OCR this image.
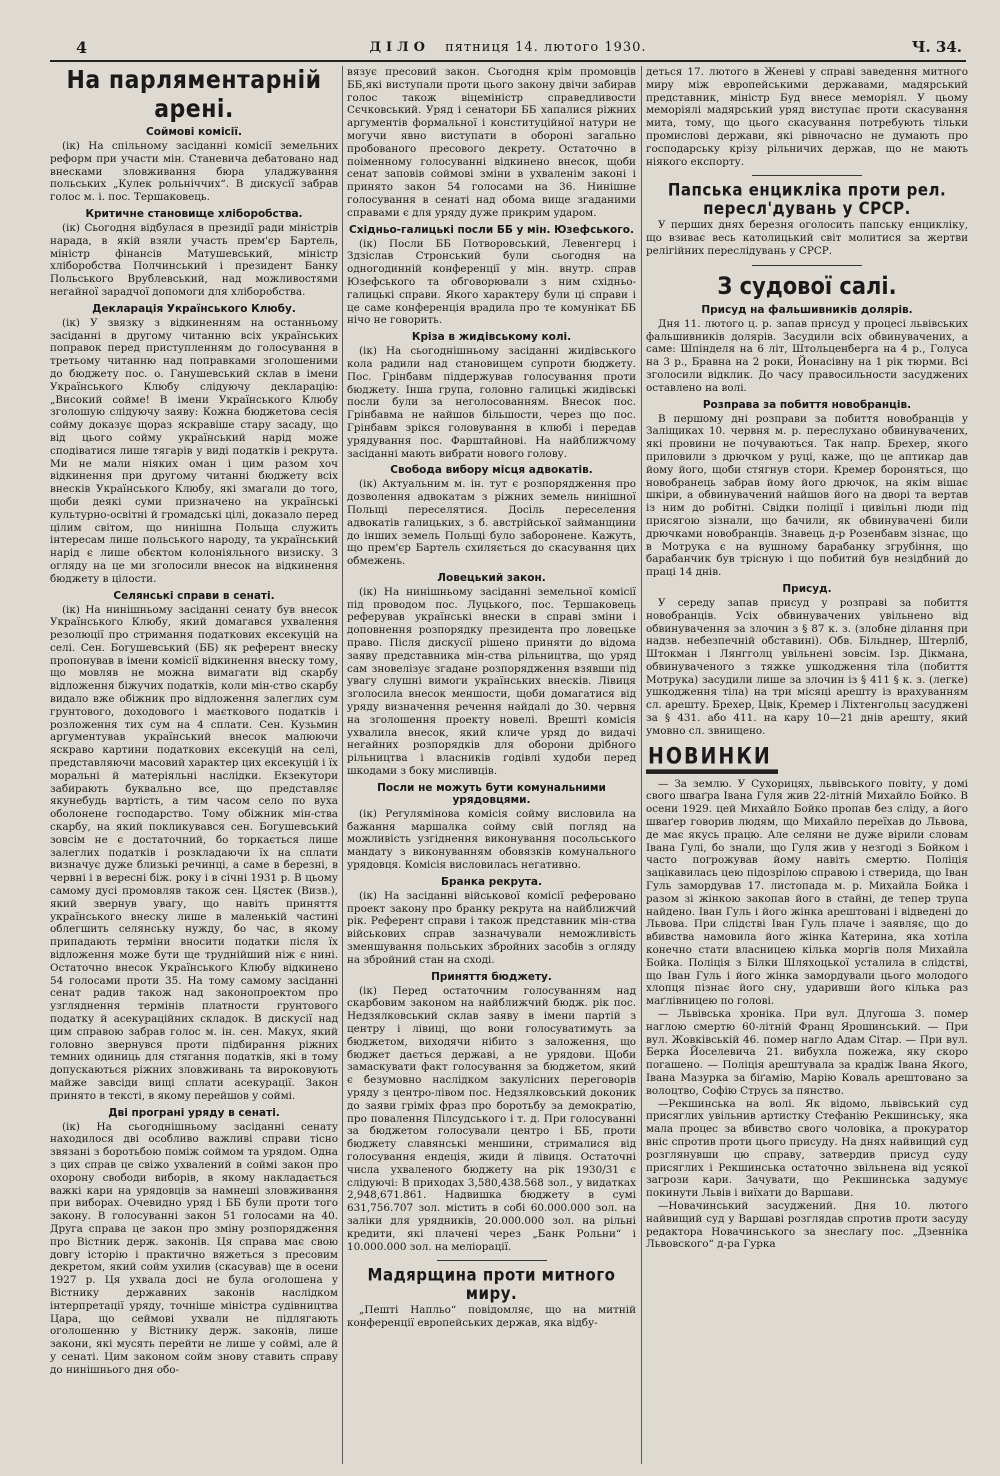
4	ДІЛО пятниця 14. лютого 1930.	Ч. 34.
На парляментарній арені.
Соймові комісії.

(ік) На спільному засіданні комісії земельних реформ при участи мін. Станевича дебатовано над внесками зловживання бюра уладжування польських „Кулек рольніччих“. В дискусії забрав голос м. і. пос. Тершаковець.

Критичне становище хліборобства.

(ік) Сьогодня відбулася в президії ради міністрів нарада, в якій взяли участь прем'єр Бартель, міністр фінансів Матушевський, міністр хліборобства Полчинський і президент Банку Польського Врублевський, над можливостями негайної зарадчої допомоги для хліборобства.

Декларація Українського Клюбу.

(ік) У звязку з відкиненням на останньому засіданні в другому читанню всіх українських поправок перед приступленням до голосування в третьому читанню над поправками зголошеними до бюджету пос. о. Ганушевський склав в імени Українського Клюбу слідуючу декларацію: „Високий сойме! В імени Українського Клюбу зголошую слідуючу заяву: Кожна бюджетова сесія сойму доказує щораз яскравіше стару засаду, що від цього сойму український нарід може сподіватися лише тягарів у виді податків і рекрута. Ми не мали ніяких оман і цим разом хоч відкинення при другому читанні бюджету всіх внесків Українського Клюбу, які змагали до того, щоби деякі суми призначено на українські культурно-освітні й громадські цілі, доказало перед цілим світом, що нинішна Польща служить інтересам лише польського народу, та український нарід є лише обєктом колоніяльного визиску. З огляду на це ми зголосили внесок на відкинення бюджету в цілости.

Селянські справи в сенаті.

(ік) На нинішньому засіданні сенату був внесок Українського Клюбу, який домагався ухвалення резолюції про стримання податкових ексекуцій на селі. Сен. Богушевський (ББ) як референт внеску пропонував в імени комісії відкинення внеску тому, що мовляв не можна вимагати від скарбу відложення біжучих податків, коли мін-ство скарбу видало вже обіжник про відложення залеглих сум грунтового, доходового і маєткового податків і розложення тих сум на 4 сплати. Сен. Кузьмин аргументував український внесок малюючи яскраво картини податкових ексекуцій на селі, представляючи масовий характер цих ексекуцій і їх моральні й матеріяльні наслідки. Екзекутори забирають буквально все, що представляє якунебудь вартість, а тим часом село по вуха оболонене господарство. Тому обіжник мін-ства скарбу, на який покликувався сен. Богушевський зовсім не є достаточний, бо торкається лише залеглих податків і розкладаючи їх на сплати визначує дуже близькі речинці, а саме в березні, в червні і в вересні біж. року і в січні 1931 р. В цьому самому дусі промовляв також сен. Цястек (Визв.), який звернув увагу, що навіть приняття українського внеску лише в маленькій частині облегшить селянську нужду, бо час, в якому припадають терміни вносити податки після їх відложення може бути ще труднійший ніж є нині. Остаточно внесок Українського Клюбу відкинено 54 голосами проти 35. На тому самому засіданні сенат радив також над законопроектом про узгляднення термінів платности грунтового податку й асекураційних складок. В дискусії над цим справою забрав голос м. ін. сен. Макух, який головно звернувся проти підбирання ріжних темних одиниць для стягання податків, які в тому допускаються ріжних зловживань та вироковують майже завсіди вищі сплати асекурації. Закон принято в тексті, в якому перейшов у соймі.

Дві програні уряду в сенаті.

(ік) На сьогоднішньому засіданні сенату находилося дві особливо важливі справи тісно звязані з боротьбою поміж соймом та урядом. Одна з цих справ це свіжо ухвалений в соймі закон про охорону свободи виборів, в якому накладається важкі кари на урядовців за намнеші зловживання при виборах. Очевидно уряд і ББ були проти того закону. В голосуванні закон 51 голосами на 40. Друга справа це закон про зміну розпорядження про Вістник держ. законів. Ця справа має свою довгу історію і практично вяжеться з пресовим декретом, який сойм ухилив (скасував) ще в осени 1927 р. Ця ухвала досі не була оголошена у Вістнику державних законів наслідком інтерпретації уряду, точніше міністра судівництва Цара, що сеймові ухвали не підлягають оголошенню у Вістнику держ. законів, лише закони, які мусять перейти не лише у соймі, але й у сенаті. Цим законом сойм знову ставить справу до нинішнього дня обо-

вязує пресовий закон. Сьогодня крім промовців ББ,які виступали проти цього закону двічи забирав голос також віцеміністр справедливости Сєчковський. Уряд і сенатори ББ хапалися ріжних аргументів формальної і конституційної натури не могучи явно виступати в обороні загально пробованого пресового декрету. Остаточно в поіменному голосуванні відкинено внесок, щоби сенат заповів соймові зміни в ухваленім законі і принято закон 54 голосами на 36. Нинішне голосування в сенаті над обома вище згаданими справами є для уряду дуже прикрим ударом.

Східньо-галицькі посли ББ у мін. Юзефського.

(ік) Посли ББ Потворовський, Левенгерц і Здзіслав Стронський були сьогодня на одногодинній конференції у мін. внутр. справ Юзефського та обговорювали з ним східньо-галицькі справи. Якого характеру були ці справи і це саме конференція врадила про те комунікат ББ нічо не говорить.

Кріза в жидівському колі.

(ік) На сьогоднішньому засіданні жидівського кола радили над становищем супроти бюджету. Пос. Грінбавм піддержував голосування проти бюджету. Інша група, головно галицькі жидівські посли були за неголосованням. Внесок пос. Грінбавма не найшов більшости, через що пос. Грінбавм зрікся головування в клюбі і передав урядування пос. Фарштайнові. На найближчому засіданні мають вибрати нового голову.

Свобода вибору місця адвокатів.

(ік) Актуальним м. ін. тут є розпорядження про дозволення адвокатам з ріжних земель нинішної Польщі переселятися. Досіль переселення адвокатів галицьких, з б. австрійської займанщини до інших земель Польщі було заборонене. Кажуть, що прем'єр Бартель схиляється до скасування цих обмежень.

Ловецький закон.

(ік) На нинішньому засіданні земельної комісії під проводом пос. Луцького, пос. Тершаковець реферував українські внески в справі зміни і доповнення розпорядку президента про ловецьке право. Після дискусії рішено приняти до відома заяву представника мін-ства рільництва, що уряд сам зновелізує згадане розпорядження взявши під увагу слушні вимоги українських внесків. Лівиця зголосила внесок меншости, щоби домагатися від уряду визначення речення найдалі до 30. червня на зголошення проекту новелі. Врешті комісія ухвалила внесок, який кличе уряд до видачі негайних розпорядків для оборони дрібного рільництва і власників годівлі худоби перед шкодами з боку мисливців.

Посли не можуть бути комунальними урядовцями.

(ік) Регуляміновa комісія сойму висловила на бажання маршалка сойму свій погляд на можливість узгіднення виконування посольського мандату з виконуванням обовязків комунального урядовця. Комісія висловилась негативно.

Бранка рекрута.

(ік) На засіданні військової комісії реферовано проект закону про бранку рекрута на найближчий рік. Референт справи і також представник мін-ства військових справ зазначували неможливість зменшування польських збройних засобів з огляду на збройний стан на сході.

Приняття бюджету.

(ік) Перед остаточним голосуванням над скарбовим законом на найближчий бюдж. рік пос. Недзялковський склав заяву в імени партій з центру і лівиці, що вони голосуватимуть за бюджетом, виходячи нібито з заложення, що бюджет дається державі, а не урядови. Щоби замаскувати факт голосування за бюджетом, який є безумовно наслідком закулісних переговорів уряду з центро-лівом пос. Недзялковський доконик до заяви гріміх фраз про боротьбу за демократію, про повалення Пілсудського і т. д. При голосуванні за бюджетом голосували центро і ББ, проти бюджету славянські меншини, стрималися від голосування ендеція, жиди й лівиця. Остаточні числа ухваленого бюджету на рік 1930/31 є слідуючі: В приходах 3,580,438.568 зол., у видатках 2,948,671.861. Надвишка бюджету в сумі 631,756.707 зол. містить в собі 60.000.000 зол. на заліки для урядників, 20.000.000 зол. на рільні кредити, які плачені через „Банк Рольни“ і 10.000.000 зол. на меліорації.

Мадярщина проти митного миру.

„Пешті Напльо“ повідомляє, що на митній конференції европейських держав, яка відбу-

деться 17. лютого в Женеві у справі заведення митного миру між европейськими державами, мадярський представник, міністр Буд внесе меморіял. У цьому меморіялі мадярський уряд виступає проти скасування мита, тому, що цього скасування потребують тільки промислові держави, які рівночасно не думають про господарську крізу рільничих держав, що не мають ніякого експорту.

Папська енцикліка проти рел. пересл'дувань у СРСР.

У перших днях березня оголосить папську енцикліку, що взиває весь католицький світ молитися за жертви релігійних переслідувань у СРСР.

З судової салі.
Присуд на фальшивників долярів.

Дня 11. лютого ц. р. запав присуд у процесі львівських фальшивників долярів. Засудили всіх обвинувачених, а саме: Шпінделя на 6 літ, Штольценберга на 4 р., Голуса на 3 р., Бравна на 2 роки, Йонасівну на 1 рік тюрми. Всі зголосили відклик. До часу правосильности засуджених оставлено на волі.

Розправа за побиття новобранців.

В першому дні розправи за побиття новобранців у Заліщиках 10. червня м. р. переслухано обвинувачених, які провини не почуваються. Так напр. Брехер, якого приловили з дрючком у руці, каже, що це аптикар дав йому його, щоби стягнув стори. Кремер бороняться, що новобранець забрав йому його дрючок, на якім вішає шкіри, а обвинувачений найшов його на дворі та вертав із ним до робітні. Свідки поліції і цивільні люди під присягою зізнали, що бачили, як обвинувачені били дрючками новобранців. Знавець д-р Розенбавм зізнає, що в Мотрука є на вушному барабанку згрубіння, що барабанчик був трісную і що побитий був незідбний до праці 14 днів.

Присуд.

У середу запав присуд у розправі за побиття новобранців. Усіх обвинувачених увільнено від обвинувачення за злочин з § 87 к. з. (злобне ділання при надзв. небезпечній обставині). Обв. Більднер, Штерліб, Штокман і Лянгголц увільнені зовсім. Ізр. Дікмана, обвинуваченого з тяжке ушкодження тіла (побиття Мотрука) засудили лише за злочин із § 411 § к. з. (легке) ушкодження тіла) на три місяці арешту із врахуванням сл. арешту. Брехер, Цвік, Кремер і Ліхтенгольц засуджені за § 431. або 411. на кару 10—21 днів арешту, який умовно сл. звнищено.

НОВИНКИ

— За землю. У Сухорицях, львівського повіту, у домі свого шваґра Івана Гуля жив 22-літній Михайло Бойко. В осени 1929. цей Михайло Бойко пропав без сліду, а його шваґер говорив людям, що Михайло переїхав до Львова, де має якусь працю. Але селяни не дуже вірили словам Івана Гулі, бо знали, що Гуля жив у незгоді з Бойком і часто погрожував йому навіть смертю. Поліція зацікавилась цею підозрілою справою і стверида, що Іван Гуль замордував 17. листопада м. р. Михайла Бойка і разом зі жінкою закопав його в стайні, де тепер трупа найдено. Іван Гуль і його жінка арештовані і відведені до Львова. При слідстві Іван Гуль плаче і заявляє, що до вбивства намовила його жінка Катерина, яка хотіла конечно стати власницею кілька моргів поля Михайла Бойка. Поліція з Білки Шляхоцької усталила в слідстві, що Іван Гуль і його жінка замордували цього молодого хлопця пізнає його сну, ударивши його кілька раз маґлівницею по голові.

— Львівська хроніка. При вул. Длугоша 3. помер наглою смертю 60-літній Франц Ярошинський. — При вул. Жовківській 46. помер нагло Адам Сітар. — При вул. Берка Йоселевича 21. вибухла пожежа, яку скоро погашено. — Поліція арештувала за крадіж Івана Якого, Івана Мазурка за біґамію, Марію Коваль арештовано за волоцтво, Софію Струсь за пянство.

—Рекшинська на волі. Як відомо, львівський суд присяглих увільнив артистку Стефанію Рекшинську, яка мала процес за вбивство свого чоловіка, а прокуратор вніс спротив проти цього присуду. На днях найвищий суд розглянувши цю справу, затвердив присуд суду присяглих і Рекшинська остаточно звільнена від усякої загрози кари. Зачувати, що Рекшинська задумує покинути Львів і виїхати до Варшави.

—Новачинський засуджений. Дня 10. лютого найвищий суд у Варшаві розглядав спротив проти засуду редактора Новачинського за знеслагу пос. „Дзенніка Львовского“ д-ра Гурка
